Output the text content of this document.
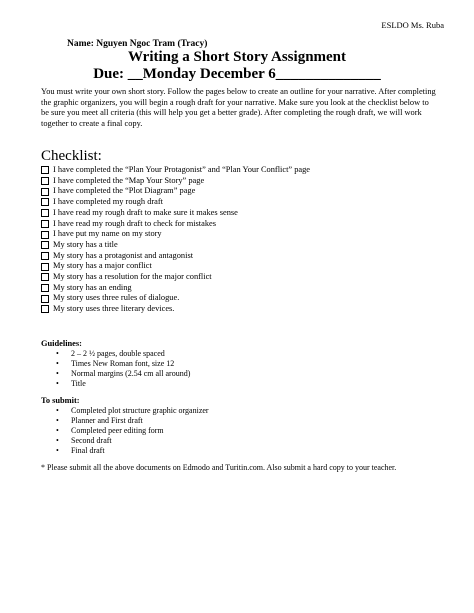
ESLDO Ms. Ruba
Name: Nguyen Ngoc Tram (Tracy)
Writing a Short Story Assignment
Due: __Monday December 6______________
You must write your own short story. Follow the pages below to create an outline for your narrative. After completing the graphic organizers, you will begin a rough draft for your narrative. Make sure you look at the checklist below to be sure you meet all criteria (this will help you get a better grade). After completing the rough draft, we will work together to create a final copy.
Checklist:
I have completed the “Plan Your Protagonist” and “Plan Your Conflict” page
I have completed the “Map Your Story” page
I have completed the “Plot Diagram” page
I have completed my rough draft
I have read my rough draft to make sure it makes sense
I have read my rough draft to check for mistakes
I have put my name on my story
My story has a title
My story has a protagonist and antagonist
My story has a major conflict
My story has a resolution for the major conflict
My story has an ending
My story uses three rules of dialogue.
My story uses three literary devices.
Guidelines:
• 2 – 2 ½ pages, double spaced
• Times New Roman font, size 12
• Normal margins (2.54 cm all around)
• Title
To submit:
• Completed plot structure graphic organizer
• Planner and First draft
• Completed peer editing form
• Second draft
• Final draft
* Please submit all the above documents on Edmodo and Turitin.com. Also submit a hard copy to your teacher.
